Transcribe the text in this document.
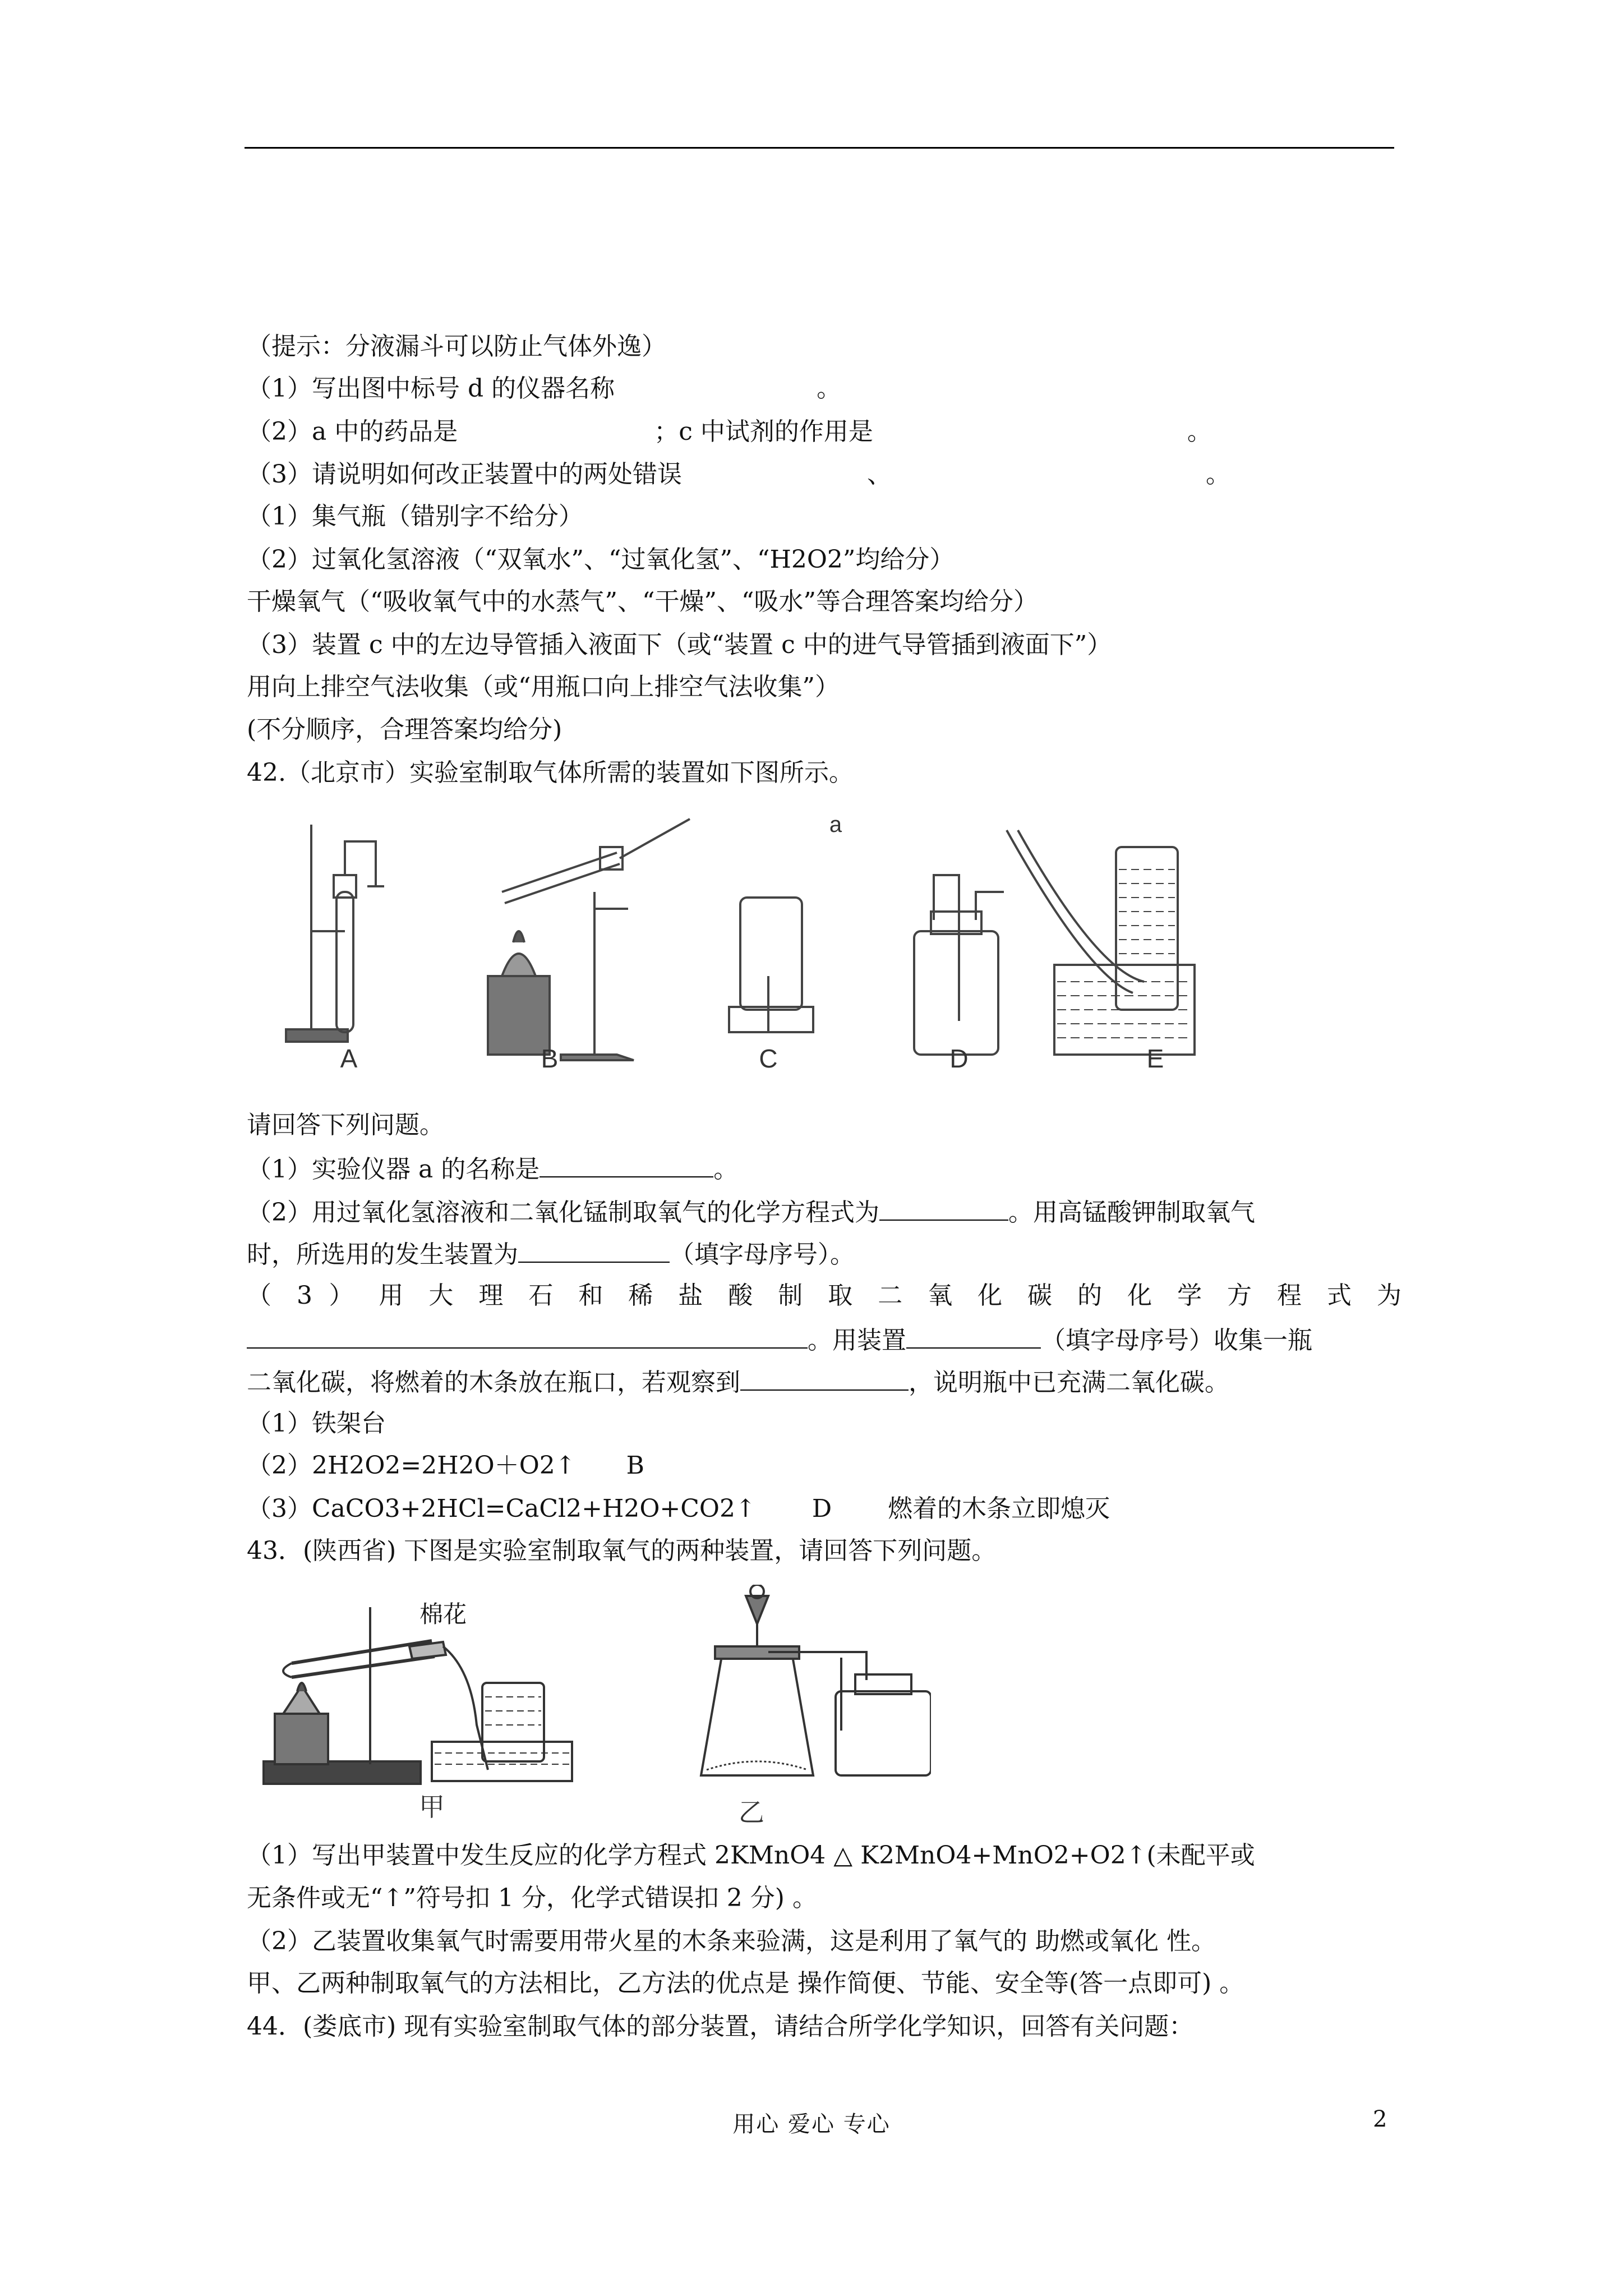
（提示：分液漏斗可以防止气体外逸）
（1）写出图中标号 d 的仪器名称	。
（2）a 中的药品是	；c 中试剂的作用是	。
（3）请说明如何改正装置中的两处错误	、	。
（1）集气瓶（错别字不给分）
（2）过氧化氢溶液（“双氧水”、“过氧化氢”、“H2O2”均给分）
干燥氧气（“吸收氧气中的水蒸气”、“干燥”、“吸水”等合理答案均给分）
（3）装置 c 中的左边导管插入液面下（或“装置 c 中的进气导管插到液面下”）
用向上排空气法收集（或“用瓶口向上排空气法收集”）
(不分顺序，合理答案均给分)
42.（北京市）实验室制取气体所需的装置如下图所示。
a
A	B	C	D	E
请回答下列问题。
（1）实验仪器 a 的名称是	。
（2）用过氧化氢溶液和二氧化锰制取氧气的化学方程式为	。用高锰酸钾制取氧气
时，所选用的发生装置为	（填字母序号）。
（ 3 ） 用 大 理 石 和 稀 盐 酸 制 取 二 氧 化 碳 的 化 学 方 程 式 为
。用装置	（填字母序号）收集一瓶
二氧化碳，将燃着的木条放在瓶口，若观察到	，说明瓶中已充满二氧化碳。
（1）铁架台
（2）2H2O2=2H2O＋O2↑ B
（3）CaCO3+2HCl=CaCl2+H2O+CO2↑ D 燃着的木条立即熄灭
43．(陕西省) 下图是实验室制取氧气的两种装置，请回答下列问题。
棉花
甲	乙
（1）写出甲装置中发生反应的化学方程式 2KMnO4 △ K2MnO4+MnO2+O2↑(未配平或
无条件或无“↑”符号扣 1 分，化学式错误扣 2 分) 。
（2）乙装置收集氧气时需要用带火星的木条来验满，这是利用了氧气的 助燃或氧化 性。
甲、乙两种制取氧气的方法相比，乙方法的优点是 操作简便、节能、安全等(答一点即可) 。
44．(娄底市) 现有实验室制取气体的部分装置，请结合所学化学知识，回答有关问题：
用心 爱心 专心	2
